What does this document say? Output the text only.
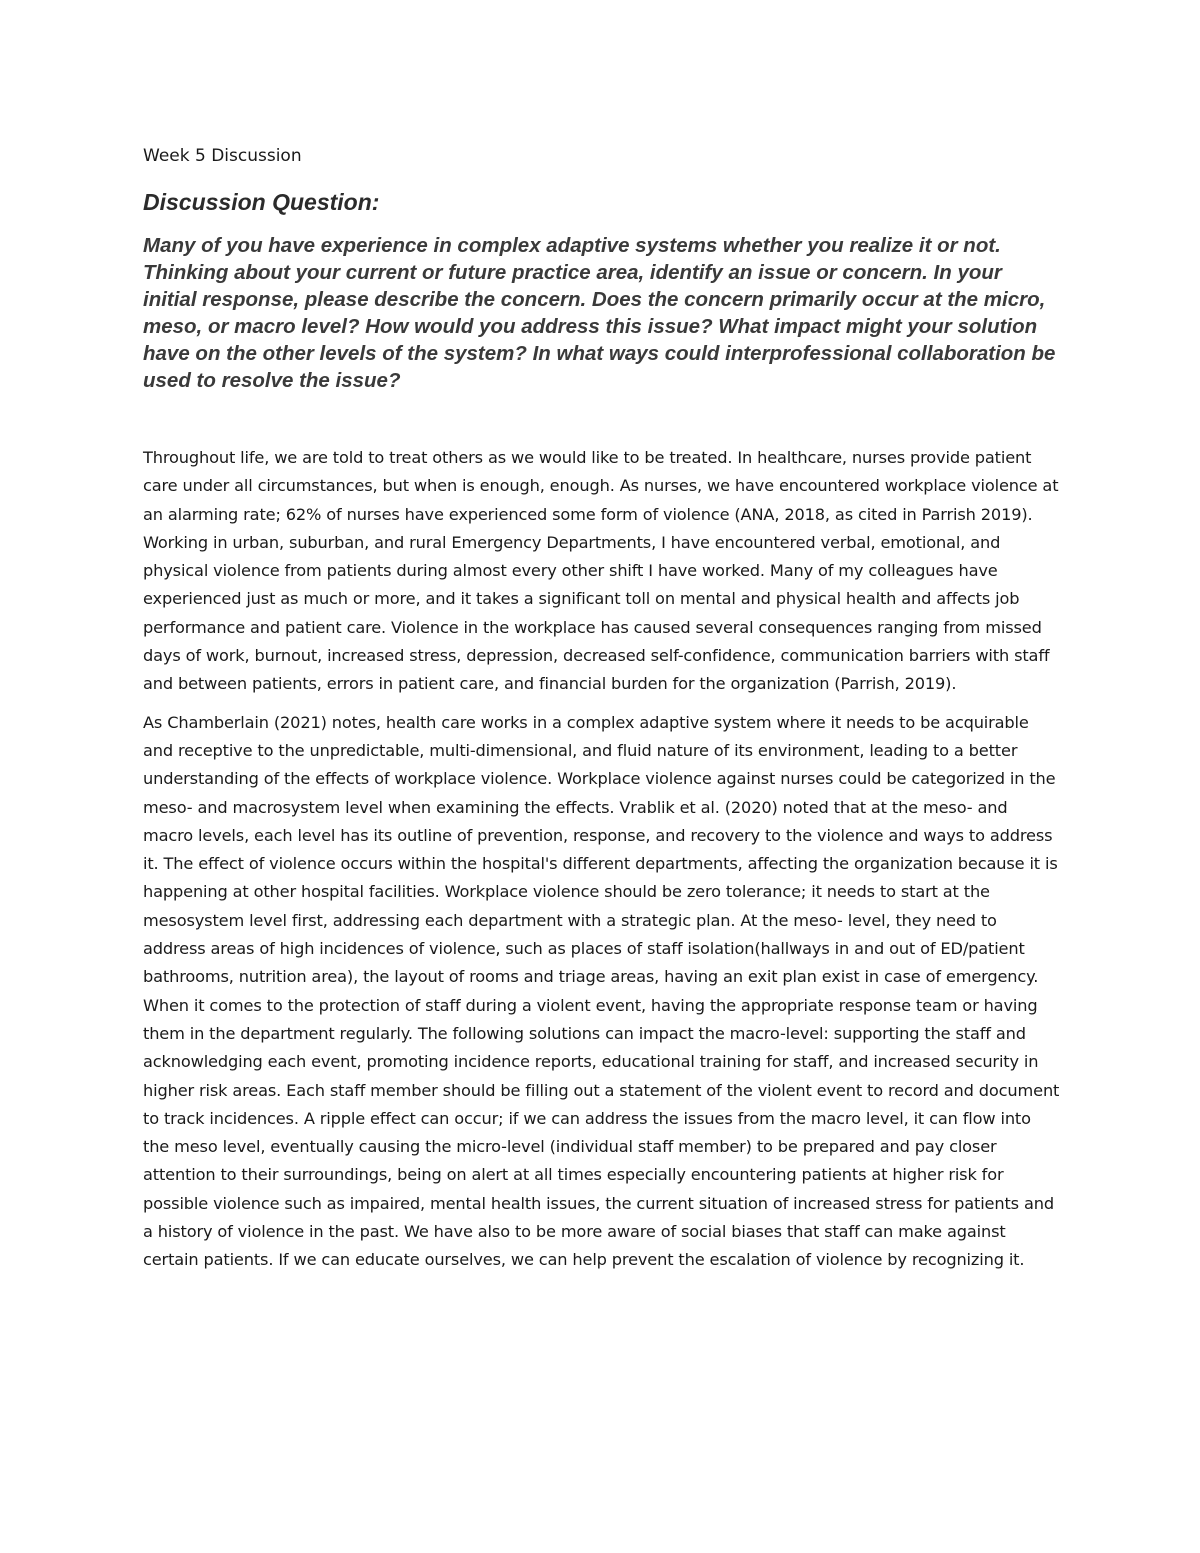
Week 5 Discussion
Discussion Question:
Many of you have experience in complex adaptive systems whether you realize it or not. Thinking about your current or future practice area, identify an issue or concern. In your initial response, please describe the concern. Does the concern primarily occur at the micro, meso, or macro level? How would you address this issue? What impact might your solution have on the other levels of the system? In what ways could interprofessional collaboration be used to resolve the issue?

Throughout life, we are told to treat others as we would like to be treated. In healthcare, nurses provide patient care under all circumstances, but when is enough, enough. As nurses, we have encountered workplace violence at an alarming rate; 62% of nurses have experienced some form of violence (ANA, 2018, as cited in Parrish 2019). Working in urban, suburban, and rural Emergency Departments, I have encountered verbal, emotional, and physical violence from patients during almost every other shift I have worked. Many of my colleagues have experienced just as much or more, and it takes a significant toll on mental and physical health and affects job performance and patient care. Violence in the workplace has caused several consequences ranging from missed days of work, burnout, increased stress, depression, decreased self-confidence, communication barriers with staff and between patients, errors in patient care, and financial burden for the organization (Parrish, 2019).

As Chamberlain (2021) notes, health care works in a complex adaptive system where it needs to be acquirable and receptive to the unpredictable, multi-dimensional, and fluid nature of its environment, leading to a better understanding of the effects of workplace violence. Workplace violence against nurses could be categorized in the meso- and macrosystem level when examining the effects. Vrablik et al. (2020) noted that at the meso- and macro levels, each level has its outline of prevention, response, and recovery to the violence and ways to address it. The effect of violence occurs within the hospital's different departments, affecting the organization because it is happening at other hospital facilities. Workplace violence should be zero tolerance; it needs to start at the mesosystem level first, addressing each department with a strategic plan. At the meso- level, they need to address areas of high incidences of violence, such as places of staff isolation(hallways in and out of ED/patient bathrooms, nutrition area), the layout of rooms and triage areas, having an exit plan exist in case of emergency. When it comes to the protection of staff during a violent event, having the appropriate response team or having them in the department regularly. The following solutions can impact the macro-level: supporting the staff and acknowledging each event, promoting incidence reports, educational training for staff, and increased security in higher risk areas. Each staff member should be filling out a statement of the violent event to record and document to track incidences. A ripple effect can occur; if we can address the issues from the macro level, it can flow into the meso level, eventually causing the micro-level (individual staff member) to be prepared and pay closer attention to their surroundings, being on alert at all times especially encountering patients at higher risk for possible violence such as impaired, mental health issues, the current situation of increased stress for patients and a history of violence in the past. We have also to be more aware of social biases that staff can make against certain patients. If we can educate ourselves, we can help prevent the escalation of violence by recognizing it.
